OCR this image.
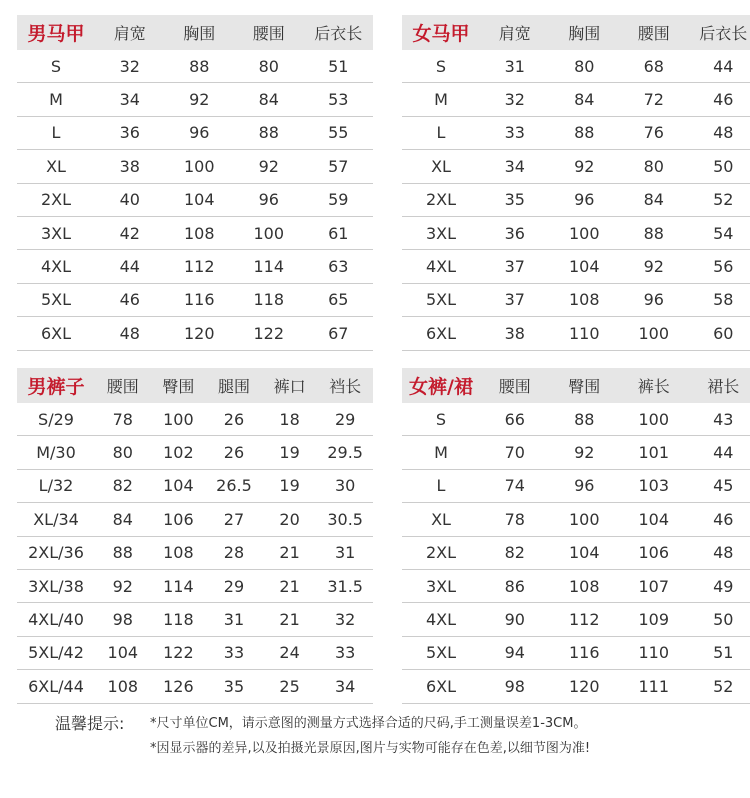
男马甲	肩宽	胸围	腰围	后衣长
S	32	88	80	51
M	34	92	84	53
L	36	96	88	55
XL	38	100	92	57
2XL	40	104	96	59
3XL	42	108	100	61
4XL	44	112	114	63
5XL	46	116	118	65
6XL	48	120	122	67
女马甲	肩宽	胸围	腰围	后衣长
S	31	80	68	44
M	32	84	72	46
L	33	88	76	48
XL	34	92	80	50
2XL	35	96	84	52
3XL	36	100	88	54
4XL	37	104	92	56
5XL	37	108	96	58
6XL	38	110	100	60
男裤子	腰围	臀围	腿围	裤口	裆长
S/29	78	100	26	18	29
M/30	80	102	26	19	29.5
L/32	82	104	26.5	19	30
XL/34	84	106	27	20	30.5
2XL/36	88	108	28	21	31
3XL/38	92	114	29	21	31.5
4XL/40	98	118	31	21	32
5XL/42	104	122	33	24	33
6XL/44	108	126	35	25	34
女裤/裙	腰围	臀围	裤长	裙长
S	66	88	100	43
M	70	92	101	44
L	74	96	103	45
XL	78	100	104	46
2XL	82	104	106	48
3XL	86	108	107	49
4XL	90	112	109	50
5XL	94	116	110	51
6XL	98	120	111	52
温馨提示:	*尺寸单位CM，请示意图的测量方式选择合适的尺码,手工测量误差1-3CM。
*因显示器的差异,以及拍摄光景原因,图片与实物可能存在色差,以细节图为准!
